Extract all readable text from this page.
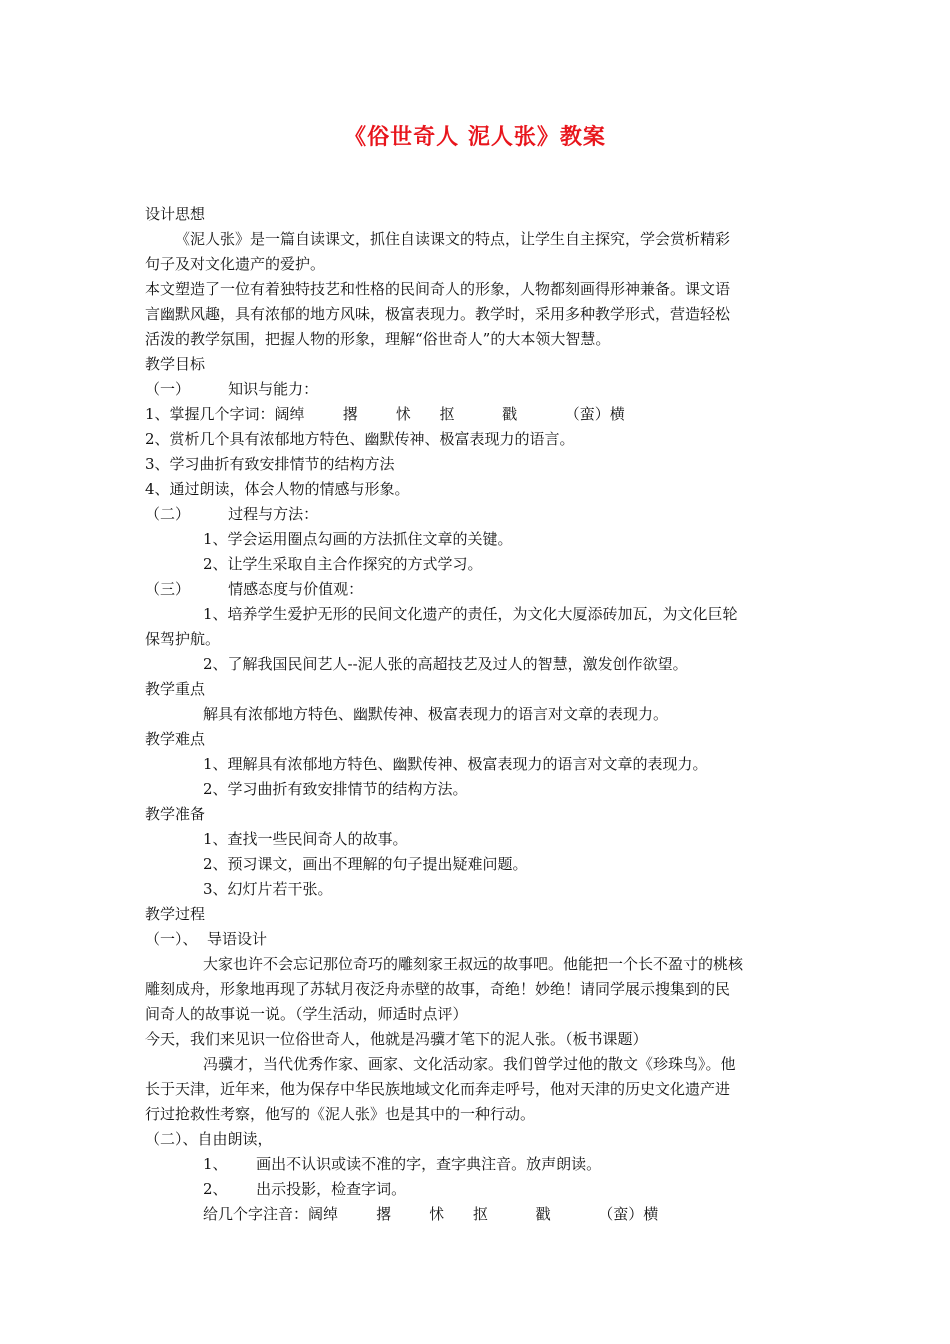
《俗世奇人 泥人张》教案
设计思想
《泥人张》是一篇自读课文，抓住自读课文的特点，让学生自主探究，学会赏析精彩
句子及对文化遗产的爱护。
本文塑造了一位有着独特技艺和性格的民间奇人的形象，人物都刻画得形神兼备。课文语
言幽默风趣，具有浓郁的地方风味，极富表现力。教学时，采用多种教学形式，营造轻松
活泼的教学氛围，把握人物的形象，理解“俗世奇人”的大本领大智慧。
教学目标
（一）        知识与能力：
1、掌握几个字词：阔绰        撂        怵      抠          戳          （蛮）横
2、赏析几个具有浓郁地方特色、幽默传神、极富表现力的语言。
3、学习曲折有致安排情节的结构方法
4、通过朗读，体会人物的情感与形象。
（二）        过程与方法：
1、学会运用圈点勾画的方法抓住文章的关键。
2、让学生采取自主合作探究的方式学习。
（三）        情感态度与价值观：
1、培养学生爱护无形的民间文化遗产的责任，为文化大厦添砖加瓦，为文化巨轮
保驾护航。
2、了解我国民间艺人--泥人张的高超技艺及过人的智慧，激发创作欲望。
教学重点
解具有浓郁地方特色、幽默传神、极富表现力的语言对文章的表现力。
教学难点
1、理解具有浓郁地方特色、幽默传神、极富表现力的语言对文章的表现力。
2、学习曲折有致安排情节的结构方法。
教学准备
1、查找一些民间奇人的故事。
2、预习课文，画出不理解的句子提出疑难问题。
3、幻灯片若干张。
教学过程
（一）、  导语设计
大家也许不会忘记那位奇巧的雕刻家王叔远的故事吧。他能把一个长不盈寸的桃核
雕刻成舟，形象地再现了苏轼月夜泛舟赤壁的故事，奇绝！妙绝！请同学展示搜集到的民
间奇人的故事说一说。（学生活动，师适时点评）
今天，我们来见识一位俗世奇人，他就是冯骥才笔下的泥人张。（板书课题）
冯骥才，当代优秀作家、画家、文化活动家。我们曾学过他的散文《珍珠鸟》。他
长于天津，近年来，他为保存中华民族地域文化而奔走呼号，他对天津的历史文化遗产进
行过抢救性考察，他写的《泥人张》也是其中的一种行动。
（二）、自由朗读，
1、      画出不认识或读不准的字，查字典注音。放声朗读。
2、      出示投影，检查字词。
给几个字注音：阔绰        撂        怵      抠          戳          （蛮）横
